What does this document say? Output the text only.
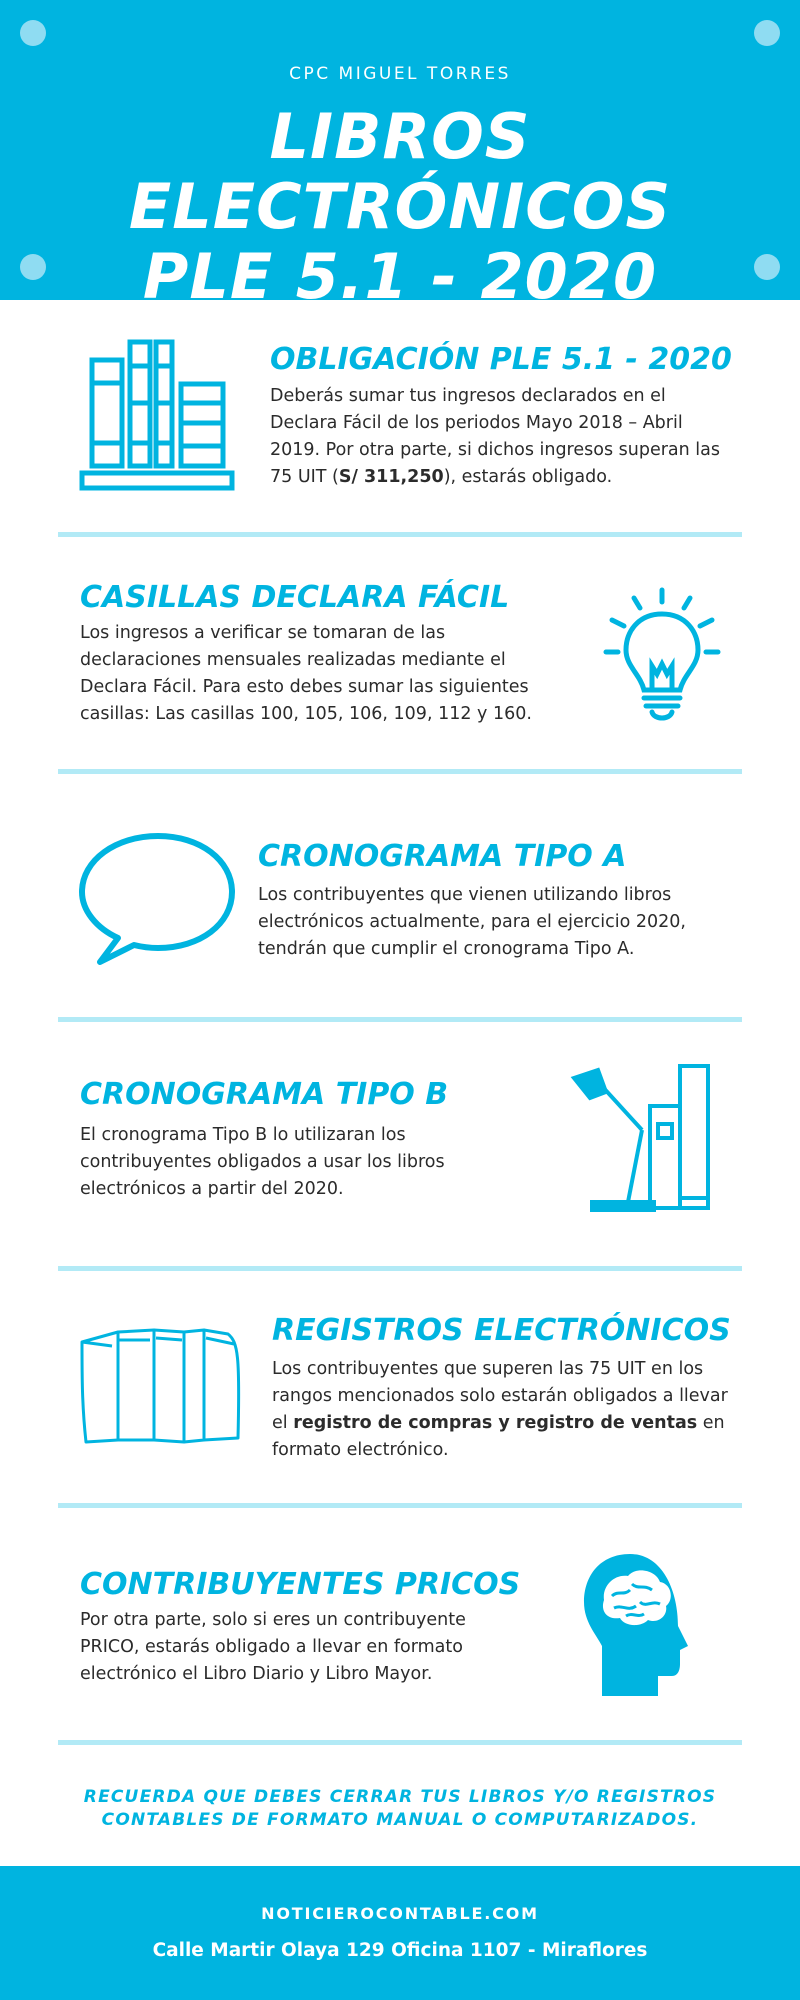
CPC MIGUEL TORRES
LIBROS ELECTRÓNICOS
PLE 5.1 - 2020
OBLIGACIÓN PLE 5.1 - 2020
Deberás sumar tus ingresos declarados en el Declara Fácil de los periodos Mayo 2018 – Abril 2019. Por otra parte, si dichos ingresos superan las 75 UIT (S/ 311,250), estarás obligado.
CASILLAS DECLARA FÁCIL
Los ingresos a verificar se tomaran de las declaraciones mensuales realizadas mediante el Declara Fácil. Para esto debes sumar las siguientes casillas: Las casillas 100, 105, 106, 109, 112 y 160.
CRONOGRAMA TIPO A
Los contribuyentes que vienen utilizando libros electrónicos actualmente, para el ejercicio 2020, tendrán que cumplir el cronograma Tipo A.
CRONOGRAMA TIPO B
El cronograma Tipo B lo utilizaran los contribuyentes obligados a usar los libros electrónicos a partir del 2020.
REGISTROS ELECTRÓNICOS
Los contribuyentes que superen las 75 UIT en los rangos mencionados solo estarán obligados a llevar el registro de compras y registro de ventas en formato electrónico.
CONTRIBUYENTES PRICOS
Por otra parte, solo si eres un contribuyente PRICO, estarás obligado a llevar en formato electrónico el Libro Diario y Libro Mayor.
RECUERDA QUE DEBES CERRAR TUS LIBROS Y/O REGISTROS
CONTABLES DE FORMATO MANUAL O COMPUTARIZADOS.
NOTICIEROCONTABLE.COM
Calle Martir Olaya 129 Oficina 1107 - Miraflores
